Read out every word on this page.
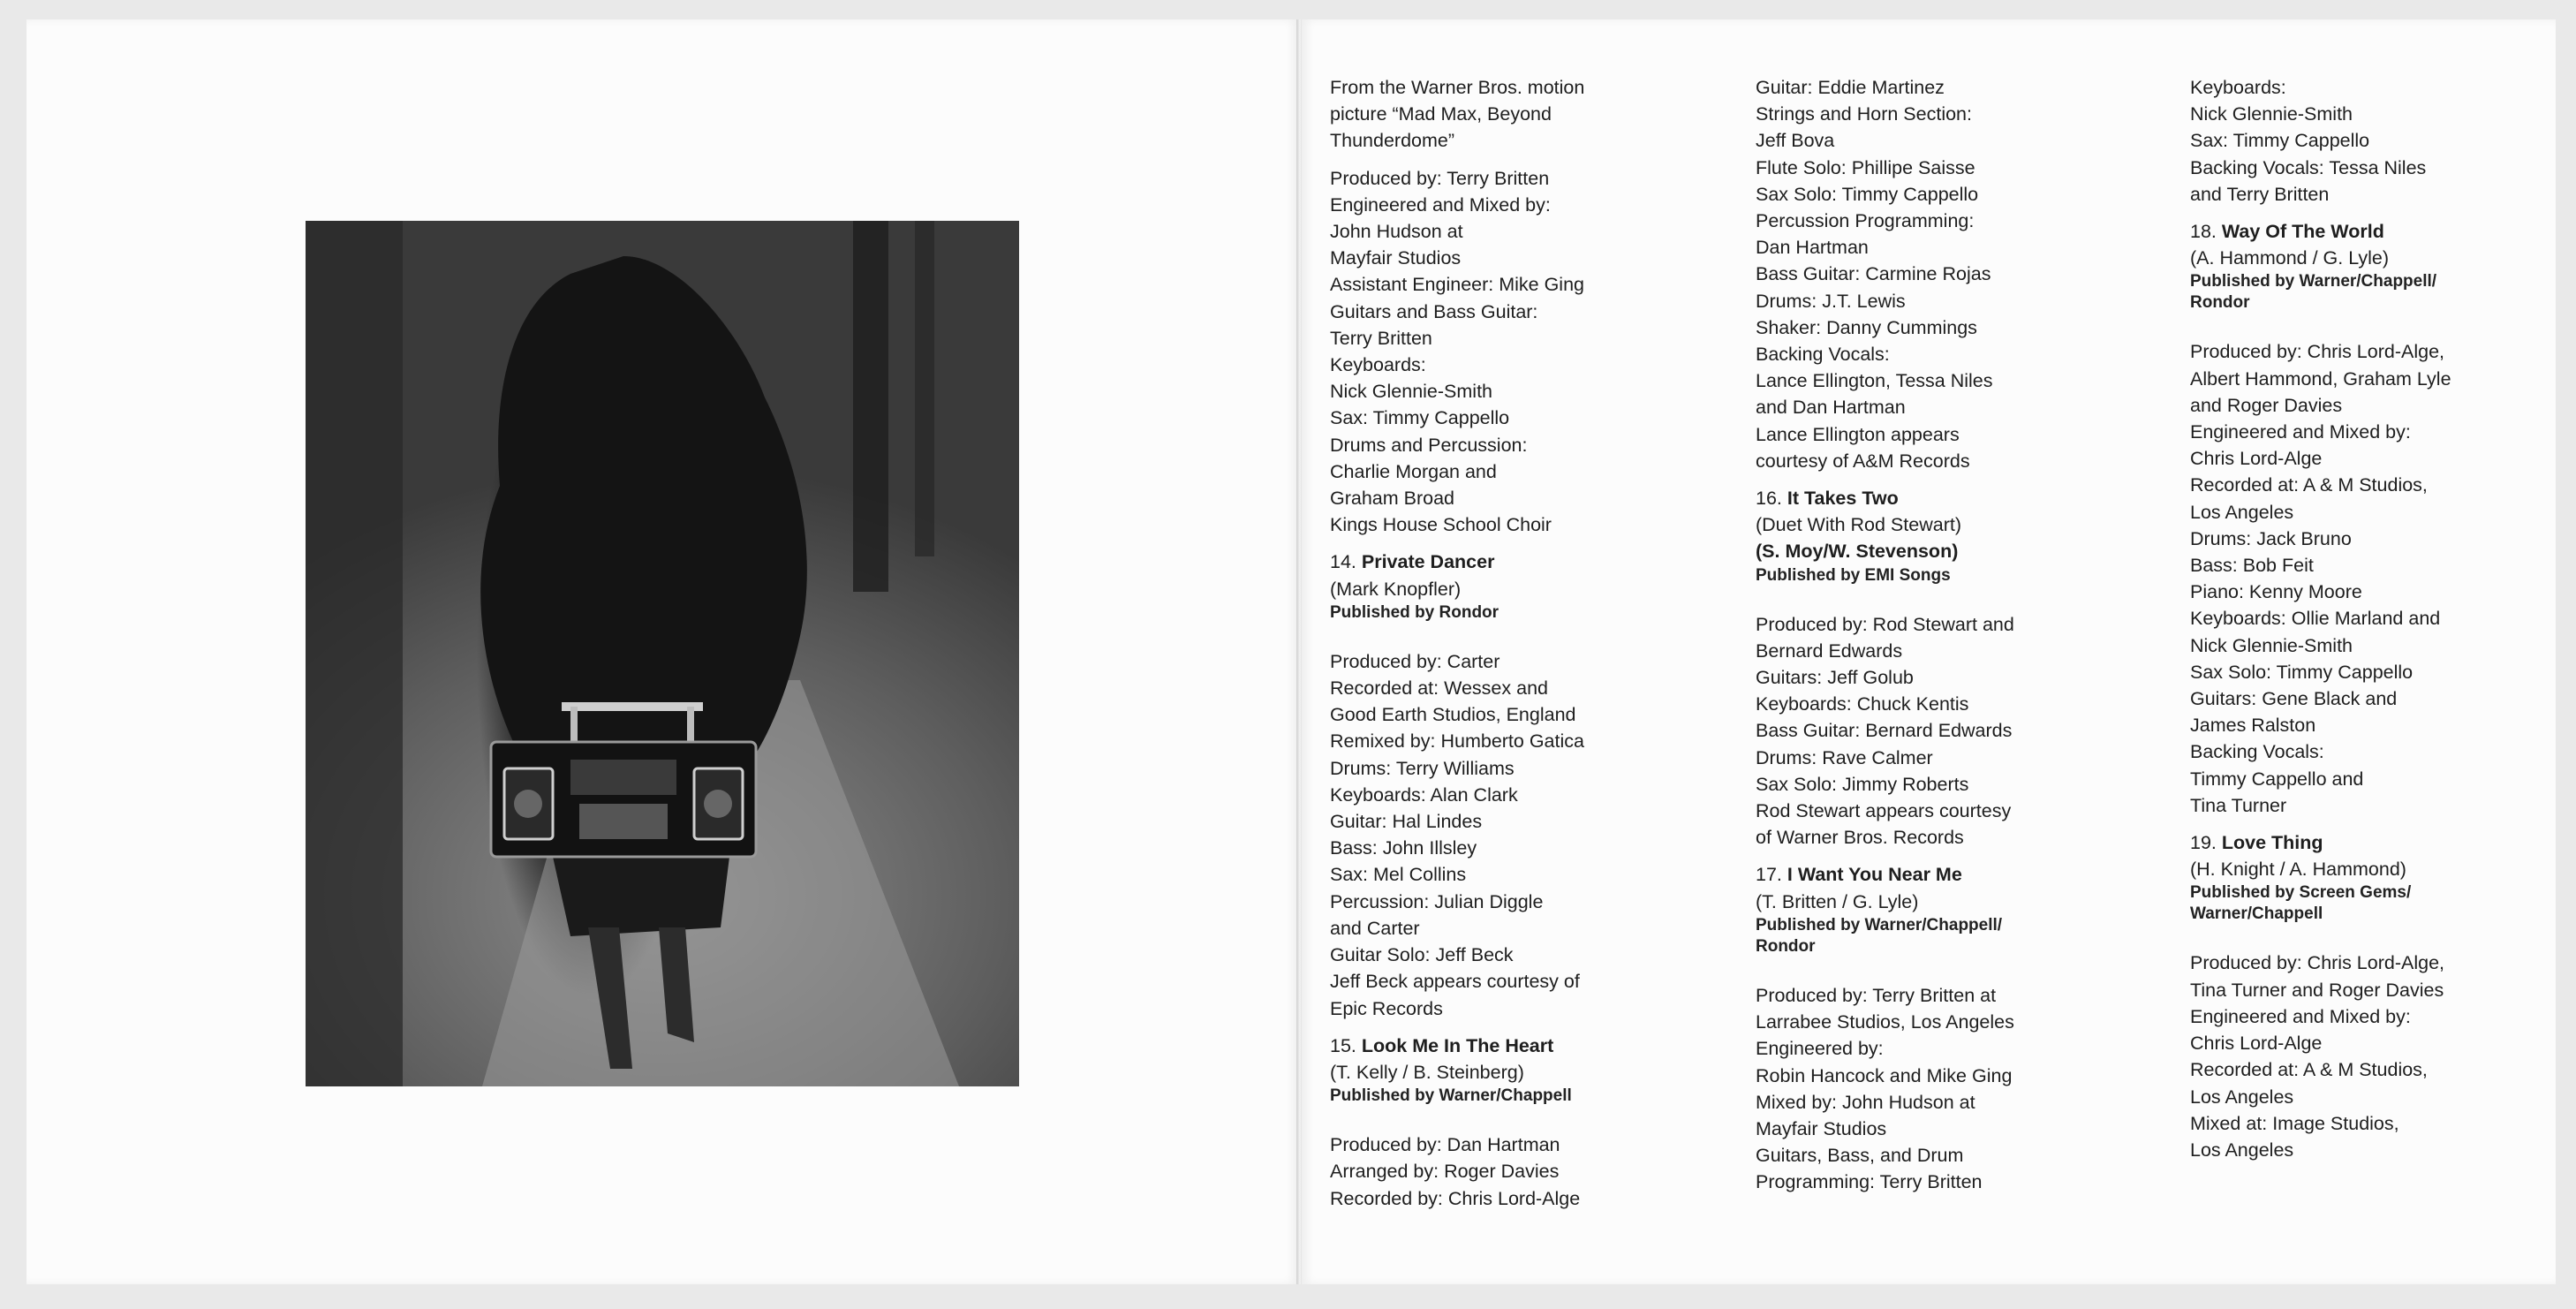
From the Warner Bros. motion
picture “Mad Max, Beyond
Thunderdome”
Produced by: Terry Britten
Engineered and Mixed by:
John Hudson at
Mayfair Studios
Assistant Engineer: Mike Ging
Guitars and Bass Guitar:
Terry Britten
Keyboards:
Nick Glennie-Smith
Sax: Timmy Cappello
Drums and Percussion:
Charlie Morgan and
Graham Broad
Kings House School Choir
14. Private Dancer
(Mark Knopfler)
Published by Rondor
Produced by: Carter
Recorded at: Wessex and
Good Earth Studios, England
Remixed by: Humberto Gatica
Drums: Terry Williams
Keyboards: Alan Clark
Guitar: Hal Lindes
Bass: John Illsley
Sax: Mel Collins
Percussion: Julian Diggle
and Carter
Guitar Solo: Jeff Beck
Jeff Beck appears courtesy of
Epic Records
15. Look Me In The Heart
(T. Kelly / B. Steinberg)
Published by Warner/Chappell
Produced by: Dan Hartman
Arranged by: Roger Davies
Recorded by: Chris Lord-Alge
Guitar: Eddie Martinez
Strings and Horn Section:
Jeff Bova
Flute Solo: Phillipe Saisse
Sax Solo: Timmy Cappello
Percussion Programming:
Dan Hartman
Bass Guitar: Carmine Rojas
Drums: J.T. Lewis
Shaker: Danny Cummings
Backing Vocals:
Lance Ellington, Tessa Niles
and Dan Hartman
Lance Ellington appears
courtesy of A&M Records
16. It Takes Two
(Duet With Rod Stewart)
(S. Moy/W. Stevenson)
Published by EMI Songs
Produced by: Rod Stewart and
Bernard Edwards
Guitars: Jeff Golub
Keyboards: Chuck Kentis
Bass Guitar: Bernard Edwards
Drums: Rave Calmer
Sax Solo: Jimmy Roberts
Rod Stewart appears courtesy
of Warner Bros. Records
17. I Want You Near Me
(T. Britten / G. Lyle)
Published by Warner/Chappell/
Rondor
Produced by: Terry Britten at
Larrabee Studios, Los Angeles
Engineered by:
Robin Hancock and Mike Ging
Mixed by: John Hudson at
Mayfair Studios
Guitars, Bass, and Drum
Programming: Terry Britten
Keyboards:
Nick Glennie-Smith
Sax: Timmy Cappello
Backing Vocals: Tessa Niles
and Terry Britten
18. Way Of The World
(A. Hammond / G. Lyle)
Published by Warner/Chappell/
Rondor
Produced by: Chris Lord-Alge,
Albert Hammond, Graham Lyle
and Roger Davies
Engineered and Mixed by:
Chris Lord-Alge
Recorded at: A & M Studios,
Los Angeles
Drums: Jack Bruno
Bass: Bob Feit
Piano: Kenny Moore
Keyboards: Ollie Marland and
Nick Glennie-Smith
Sax Solo: Timmy Cappello
Guitars: Gene Black and
James Ralston
Backing Vocals:
Timmy Cappello and
Tina Turner
19. Love Thing
(H. Knight / A. Hammond)
Published by Screen Gems/
Warner/Chappell
Produced by: Chris Lord-Alge,
Tina Turner and Roger Davies
Engineered and Mixed by:
Chris Lord-Alge
Recorded at: A & M Studios,
Los Angeles
Mixed at: Image Studios,
Los Angeles
